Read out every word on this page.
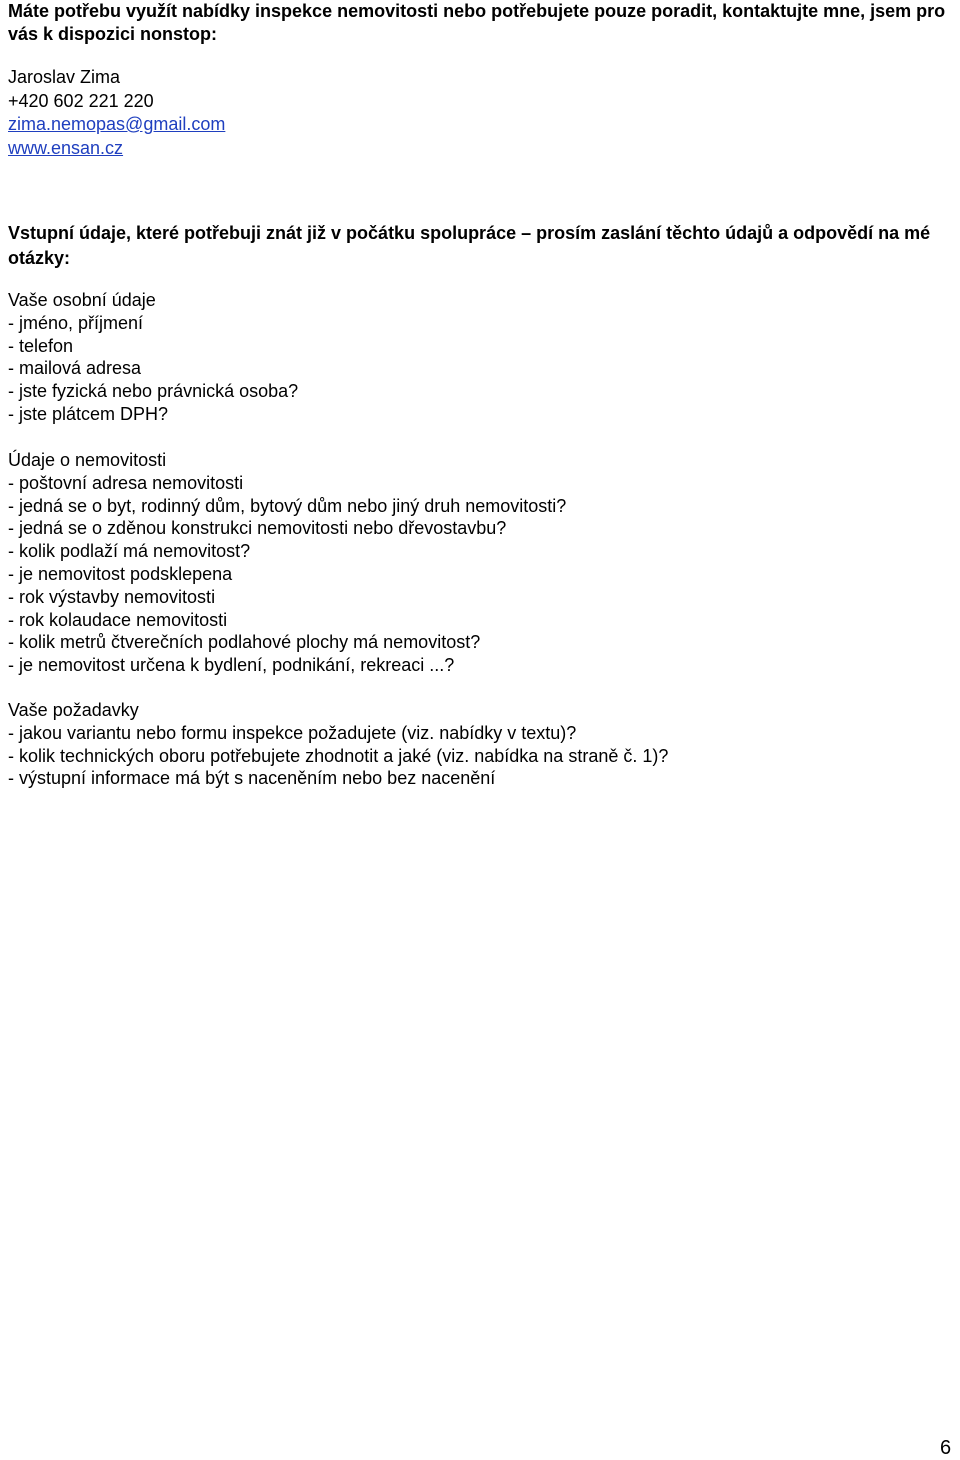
Máte potřebu využít nabídky inspekce nemovitosti nebo potřebujete pouze poradit, kontaktujte mne, jsem pro vás k dispozici nonstop:
Jaroslav Zima
+420 602 221 220
zima.nemopas@gmail.com
www.ensan.cz
Vstupní údaje, které potřebuji znát již v počátku spolupráce – prosím zaslání těchto údajů a odpovědí na mé otázky:
Vaše osobní údaje
- jméno, příjmení
- telefon
- mailová adresa
- jste fyzická nebo právnická osoba?
- jste plátcem DPH?
Údaje o nemovitosti
- poštovní adresa nemovitosti
- jedná se o byt, rodinný dům, bytový dům nebo jiný druh nemovitosti?
- jedná se o zděnou konstrukci nemovitosti nebo dřevostavbu?
- kolik podlaží má nemovitost?
- je nemovitost podsklepena
- rok výstavby nemovitosti
- rok kolaudace nemovitosti
- kolik metrů čtverečních podlahové plochy má nemovitost?
- je nemovitost určena k bydlení, podnikání, rekreaci ...?
Vaše požadavky
- jakou variantu nebo formu inspekce požadujete (viz. nabídky v textu)?
- kolik technických oboru potřebujete zhodnotit a jaké (viz. nabídka na straně č. 1)?
- výstupní informace má být s naceněním nebo bez nacenění
6
